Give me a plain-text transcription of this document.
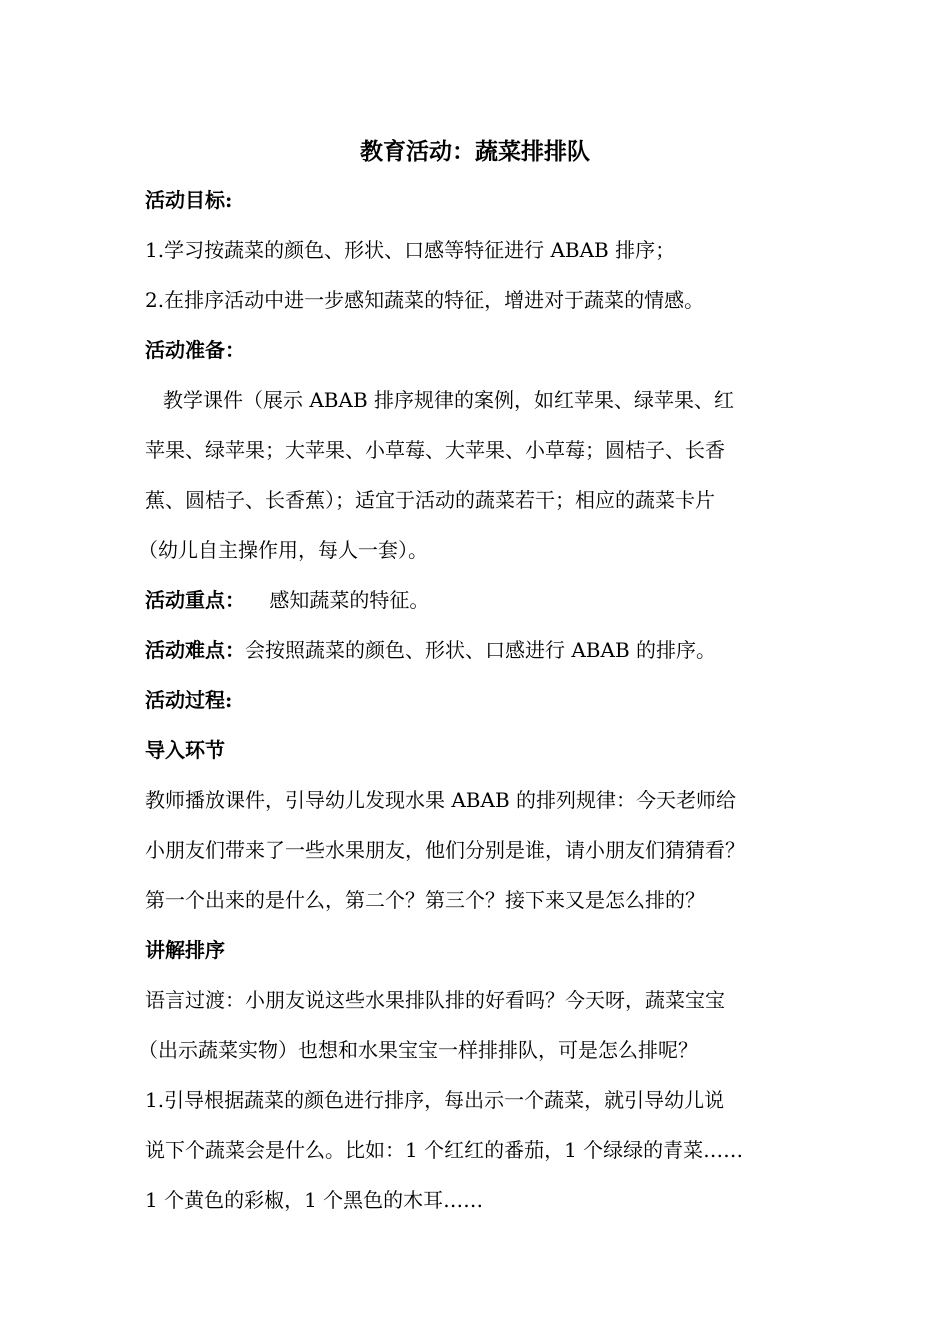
教育活动：蔬菜排排队
活动目标:
1.学习按蔬菜的颜色、形状、口感等特征进行 ABAB 排序；
2.在排序活动中进一步感知蔬菜的特征，增进对于蔬菜的情感。
活动准备：
教学课件（展示 ABAB 排序规律的案例，如红苹果、绿苹果、红
苹果、绿苹果；大苹果、小草莓、大苹果、小草莓；圆桔子、长香
蕉、圆桔子、长香蕉）；适宜于活动的蔬菜若干；相应的蔬菜卡片
（幼儿自主操作用，每人一套）。
活动重点： 感知蔬菜的特征。
活动难点：会按照蔬菜的颜色、形状、口感进行 ABAB 的排序。
活动过程:
导入环节
教师播放课件，引导幼儿发现水果 ABAB 的排列规律：今天老师给
小朋友们带来了一些水果朋友，他们分别是谁，请小朋友们猜猜看？
第一个出来的是什么，第二个？第三个？接下来又是怎么排的？
讲解排序
语言过渡：小朋友说这些水果排队排的好看吗？今天呀，蔬菜宝宝
（出示蔬菜实物）也想和水果宝宝一样排排队，可是怎么排呢？
1.引导根据蔬菜的颜色进行排序，每出示一个蔬菜，就引导幼儿说
说下个蔬菜会是什么。比如：1 个红红的番茄，1 个绿绿的青菜……
1 个黄色的彩椒，1 个黑色的木耳……
